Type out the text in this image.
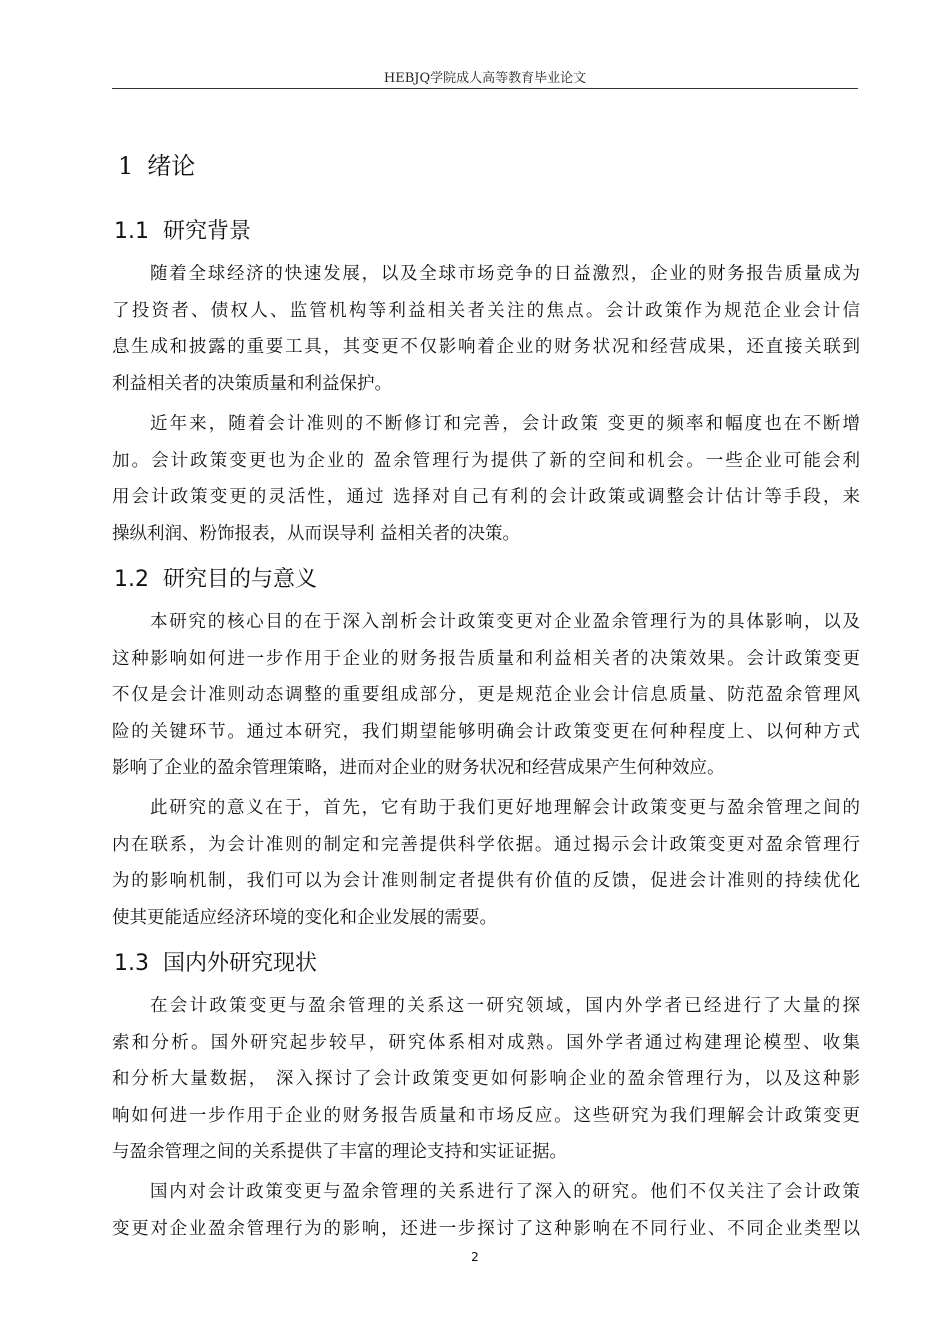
HEBJQ学院成人高等教育毕业论文
1 绪论
1.1 研究背景
随着全球经济的快速发展，以及全球市场竞争的日益激烈，企业的财务报告质量成为
了投资者、债权人、监管机构等利益相关者关注的焦点。会计政策作为规范企业会计信
息生成和披露的重要工具，其变更不仅影响着企业的财务状况和经营成果，还直接关联到
利益相关者的决策质量和利益保护。
近年来，随着会计准则的不断修订和完善，会计政策 变更的频率和幅度也在不断增
加。会计政策变更也为企业的 盈余管理行为提供了新的空间和机会。一些企业可能会利
用会计政策变更的灵活性，通过 选择对自己有利的会计政策或调整会计估计等手段，来
操纵利润、粉饰报表，从而误导利 益相关者的决策。
1.2 研究目的与意义
本研究的核心目的在于深入剖析会计政策变更对企业盈余管理行为的具体影响，以及
这种影响如何进一步作用于企业的财务报告质量和利益相关者的决策效果。会计政策变更
不仅是会计准则动态调整的重要组成部分，更是规范企业会计信息质量、防范盈余管理风
险的关键环节。通过本研究，我们期望能够明确会计政策变更在何种程度上、以何种方式
影响了企业的盈余管理策略，进而对企业的财务状况和经营成果产生何种效应。
此研究的意义在于，首先，它有助于我们更好地理解会计政策变更与盈余管理之间的
内在联系，为会计准则的制定和完善提供科学依据。通过揭示会计政策变更对盈余管理行
为的影响机制，我们可以为会计准则制定者提供有价值的反馈，促进会计准则的持续优化
使其更能适应经济环境的变化和企业发展的需要。
1.3 国内外研究现状
在会计政策变更与盈余管理的关系这一研究领域，国内外学者已经进行了大量的探
索和分析。国外研究起步较早，研究体系相对成熟。国外学者通过构建理论模型、收集
和分析大量数据， 深入探讨了会计政策变更如何影响企业的盈余管理行为，以及这种影
响如何进一步作用于企业的财务报告质量和市场反应。这些研究为我们理解会计政策变更
与盈余管理之间的关系提供了丰富的理论支持和实证证据。
国内对会计政策变更与盈余管理的关系进行了深入的研究。他们不仅关注了会计政策
变更对企业盈余管理行为的影响，还进一步探讨了这种影响在不同行业、不同企业类型以
2
